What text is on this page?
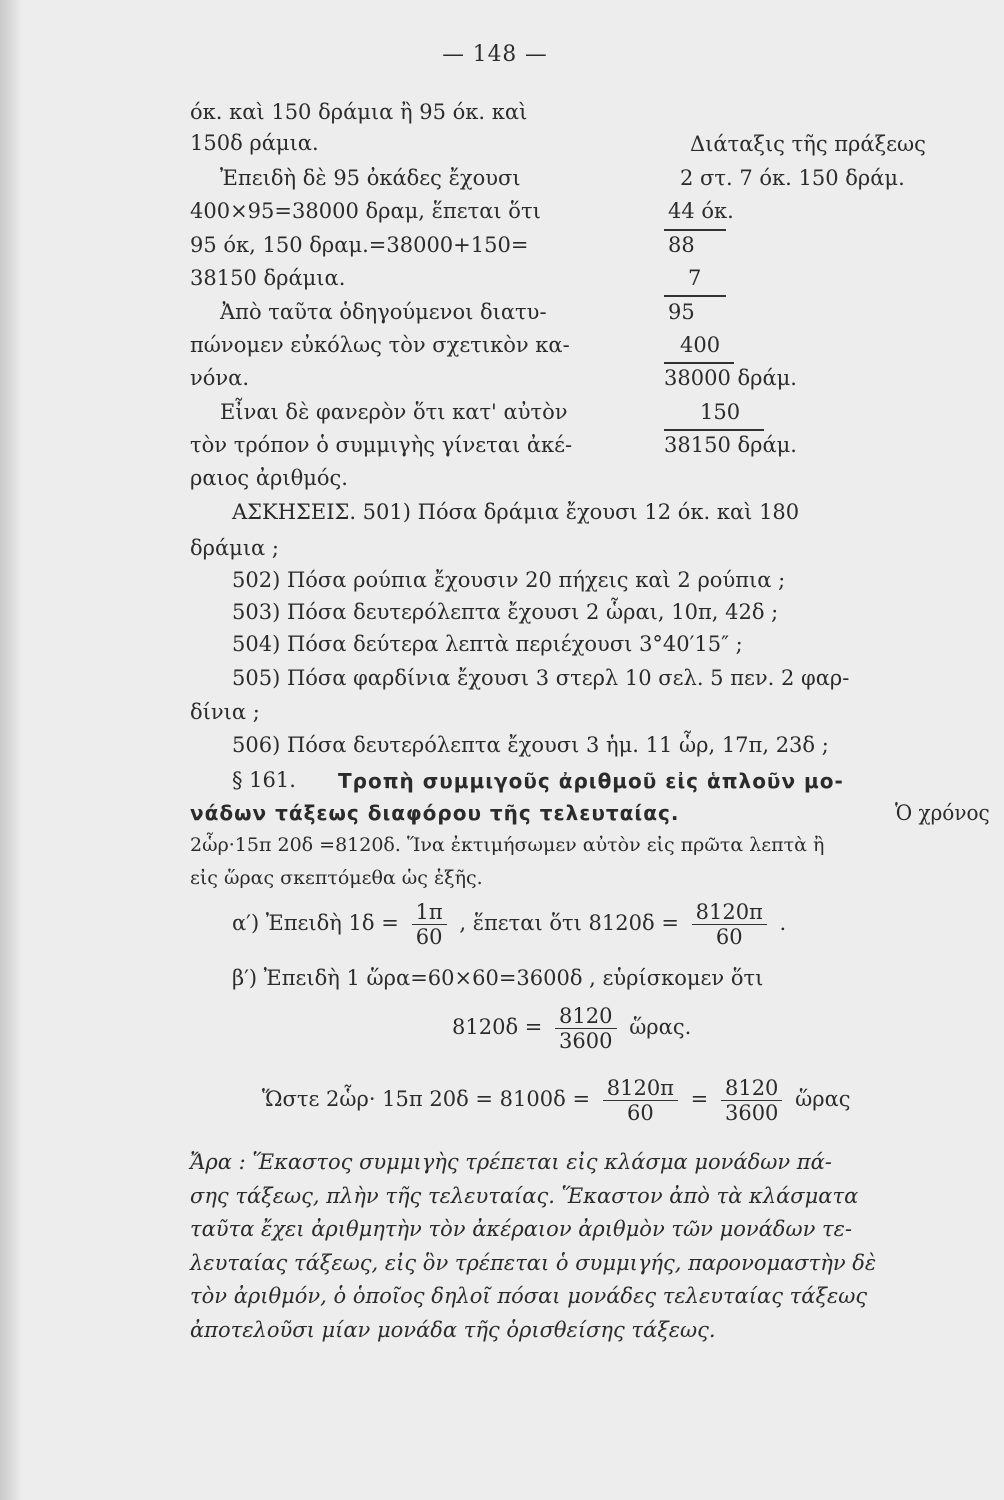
— 148 —
όκ. καὶ 150 δράμια ἢ 95 όκ. καὶ
150δ ράμια.
Ἐπειδὴ δὲ 95 ὀκάδες ἔχουσι
400×95=38000 δραμ, ἕπεται ὅτι
95 όκ, 150 δραμ.=38000+150=
38150 δράμια.
Ἀπὸ ταῦτα ὁδηγούμενοι διατυ-
πώνομεν εὐκόλως τὸν σχετικὸν κα-
νόνα.
Εἶναι δὲ φανερὸν ὅτι κατ' αὐτὸν
τὸν τρόπον ὁ συμμιγὴς γίνεται ἀκέ-
ραιος ἀριθμός.
Διάταξις τῆς πράξεως
2 στ. 7 όκ. 150 δράμ.
44 όκ.
88
7
95
400
38000 δράμ.
150
38150 δράμ.
ΑΣΚΗΣΕΙΣ. 501) Πόσα δράμια ἔχουσι 12 όκ. καὶ 180
δράμια ;
502) Πόσα ρούπια ἔχουσιν 20 πήχεις καὶ 2 ρούπια ;
503) Πόσα δευτερόλεπτα ἔχουσι 2 ὧραι, 10π, 42δ ;
504) Πόσα δεύτερα λεπτὰ περιέχουσι 3°40′15″ ;
505) Πόσα φαρδίνια ἔχουσι 3 στερλ 10 σελ. 5 πεν. 2 φαρ-
δίνια ;
506) Πόσα δευτερόλεπτα ἔχουσι 3 ἡμ. 11 ὧρ, 17π, 23δ ;
§ 161. Τροπὴ συμμιγοῦς ἀριθμοῦ εἰς ἁπλοῦν μο-
νάδων τάξεως διαφόρου τῆς τελευταίας.	Ὁ χρόνος
2ὧρ·15π 20δ =8120δ. Ἵνα ἐκτιμήσωμεν αὐτὸν εἰς πρῶτα λεπτὰ ἢ
εἰς ὥρας σκεπτόμεθα ὡς ἑξῆς.
α′) Ἐπειδὴ $1\delta = \frac{1\pi}{60}$ , ἕπεται ὅτι $8120\delta = \frac{8120\pi}{60}$ .
β′) Ἐπειδὴ 1 ὥρα=60×60=3600δ , εὑρίσκομεν ὅτι
$8120\delta = \frac{8120}{3600}$ ὥρας.
Ὥστε 2ὧρ· 15π $20\delta = 8100\delta = \frac{8120\pi}{60} = \frac{8120}{3600}$ ὥρας
Ἄρα : Ἕκαστος συμμιγὴς τρέπεται εἰς κλάσμα μονάδων πά-
σης τάξεως, πλὴν τῆς τελευταίας. Ἕκαστον ἀπὸ τὰ κλάσματα
ταῦτα ἔχει ἀριθμητὴν τὸν ἀκέραιον ἀριθμὸν τῶν μονάδων τε-
λευταίας τάξεως, εἰς ὃν τρέπεται ὁ συμμιγής, παρονομαστὴν δὲ
τὸν ἀριθμόν, ὁ ὁποῖος δηλοῖ πόσαι μονάδες τελευταίας τάξεως
ἀποτελοῦσι μίαν μονάδα τῆς ὁρισθείσης τάξεως.
